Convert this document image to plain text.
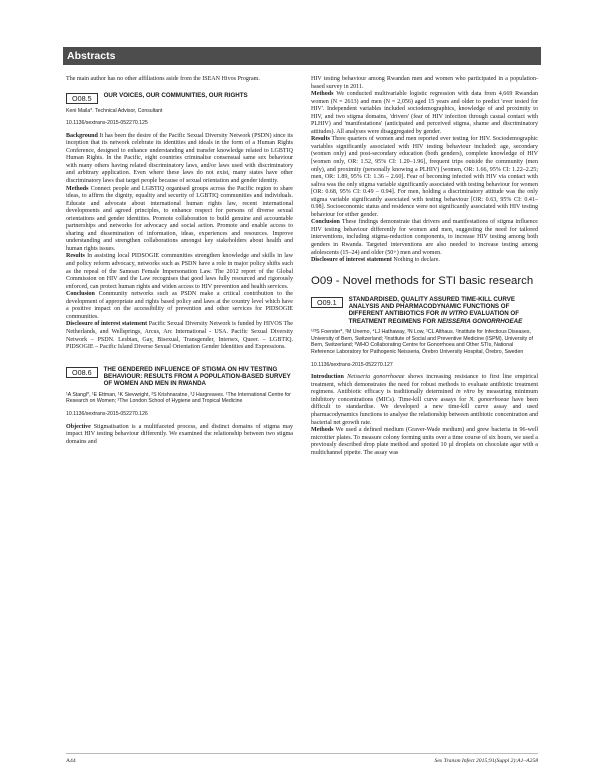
Abstracts

The main author has no other affiliations aside from the ISEAN Hivos Program.

O08.5	OUR VOICES, OUR COMMUNITIES, OUR RIGHTS
Keni Maila*. Technical Advisor, Consultant
10.1136/sextrans-2015-052270.125

Background It has been the desire of the Pacific Sexual Diversity Network (PSDN) since its inception that its network celebrate its identities and ideals in the form of a Human Rights Conference, designed to enhance understanding and transfer knowledge related to LGBTIQ Human Rights. In the Pacific, eight countries criminalise consensual same sex behaviour with many others having related discriminatory laws, and/or laws used with discriminatory and arbitrary application. Even where these laws do not exist, many states have other discriminatory laws that target people because of sexual orientation and gender identity.

Methods Connect people and LGBTIQ organised groups across the Pacific region to share ideas, to affirm the dignity, equality and security of LGBTIQ communities and individuals. Educate and advocate about international human rights law, recent international developments and agreed principles, to enhance respect for persons of diverse sexual orientations and gender identities. Promote collaboration to build genuine and accountable partnerships and networks for advocacy and social action. Promote and enable access to sharing and dissemination of information, ideas, experiences and resources. Improve understanding and strengthen collaborations amongst key stakeholders about health and human rights issues.

Results In assisting local PIDSOGIE communities strengthen knowledge and skills in law and policy reform advocacy, networks such as PSDN have a role in major policy shifts such as the repeal of the Samoan Female Impersonation Law. The 2012 report of the Global Commission on HIV and the Law recognises that good laws fully resourced and rigorously enforced, can protect human rights and widen access to HIV prevention and health services.

Conclusion Community networks such as PSDN make a critical contribution to the development of appropriate and rights based policy and laws at the country level which have a positive impact on the accessibility of prevention and other services for PIDSOGIE communities.

Disclosure of interest statement Pacific Sexual Diversity Network is funded by HIVOS The Netherlands, and Wellsprings, Arcus, Arc International - USA. Pacific Sexual Diversity Network – PSDN. Lesbian, Gay, Bisexual, Transgender, Intersex, Queer. – LGBTIQ. PIDSOGIE – Pacific Island Diverse Sexual Orientation Gender Identities and Expressions.

O08.6	THE GENDERED INFLUENCE OF STIGMA ON HIV TESTING BEHAVIOUR: RESULTS FROM A POPULATION-BASED SURVEY OF WOMEN AND MEN IN RWANDA
¹A Stangl*, ¹E Ettman, ¹K Sievwright, ²S Krishnaratne, ³J Hargreaves. ¹The International Centre for Research on Women; ²The London School of Hygiene and Tropical Medicine
10.1136/sextrans-2015-052270.126

Objective Stigmatisation is a multifaceted process, and distinct domains of stigma may impact HIV testing behaviour differently. We examined the relationship between two stigma domains and

HIV testing behaviour among Rwandan men and women who participated in a population-based survey in 2011.

Methods We conducted multivariable logistic regression with data from 4,669 Rwandan women (N = 2613) and men (N = 2,056) aged 15 years and older to predict 'ever tested for HIV'. Independent variables included sociodemographics, knowledge of and proximity to HIV, and two stigma domains, 'drivers' (fear of HIV infection through casual contact with PLHIV) and 'manifestations' (anticipated and perceived stigma, shame and discriminatory attitudes). All analyses were disaggregated by gender.

Results Three quarters of women and men reported ever testing for HIV. Sociodemographic variables significantly associated with HIV testing behaviour included: age, secondary (women only) and post-secondary education (both genders), complete knowledge of HIV [women only, OR: 1.52, 95% CI: 1.20–1.96], frequent trips outside the community (men only), and proximity (personally knowing a PLHIV) [women, OR: 1.66, 95% CI: 1.22–2.25; men, OR: 1.89, 95% CI: 1.36 – 2.60]. Fear of becoming infected with HIV via contact with saliva was the only stigma variable significantly associated with testing behaviour for women [OR: 0.68, 95% CI: 0.49 – 0.94]. For men, holding a discriminatory attitude was the only stigma variable significantly associated with testing behaviour [OR: 0.63, 95% CI: 0.41–0.98]. Socioeconomic status and residence were not significantly associated with HIV testing behaviour for either gender.

Conclusion These findings demonstrate that drivers and manifestations of stigma influence HIV testing behaviour differently for women and men, suggesting the need for tailored interventions, including stigma-reduction components, to increase HIV testing among both genders in Rwanda. Targeted interventions are also needed to increase testing among adolescents (15–24) and older (50+) men and women.

Disclosure of interest statement Nothing to declare.

O09 - Novel methods for STI basic research
O09.1	STANDARDISED, QUALITY ASSURED TIME-KILL CURVE ANALYSIS AND PHARMACODYNAMIC FUNCTIONS OF DIFFERENT ANTIBIOTICS FOR IN VITRO EVALUATION OF TREATMENT REGIMENS FOR NEISSERIA GONORRHOEAE
¹²³S Foerster*, ²M Unemo, ⁴LJ Hathaway, ³N Low, ¹CL Althaus. ¹Institute for Infectious Diseases, University of Bern, Switzerland; ²Institute of Social and Preventive Medicine (ISPM), University of Bern, Switzerland; ³WHO Collaborating Centre for Gonorrhoea and Other STIs, National Reference Laboratory for Pathogenic Neisseria, Örebro University Hospital, Örebro, Sweden
10.1136/sextrans-2015-052270.127

Introduction Neisseria gonorrhoeae shows increasing resistance to first line empirical treatment, which demonstrates the need for robust methods to evaluate antibiotic treatment regimens. Antibiotic efficacy is traditionally determined in vitro by measuring minimum inhibitory concentrations (MICs). Time-kill curve assays for N. gonorrhoeae have been difficult to standardise. We developed a new time-kill curve assay and used pharmacodynamics functions to analyse the relationship between antibiotic concentration and bacterial net growth rate.

Methods We used a defined medium (Graver-Wade medium) and grew bacteria in 96-well microtiter plates. To measure colony forming units over a time course of six hours, we used a previously described drop plate method and spotted 10 µl droplets on chocolate agar with a multichannel pipette. The assay was

A44	Sex Transm Infect 2015;91(Suppl 2):A1–A258
